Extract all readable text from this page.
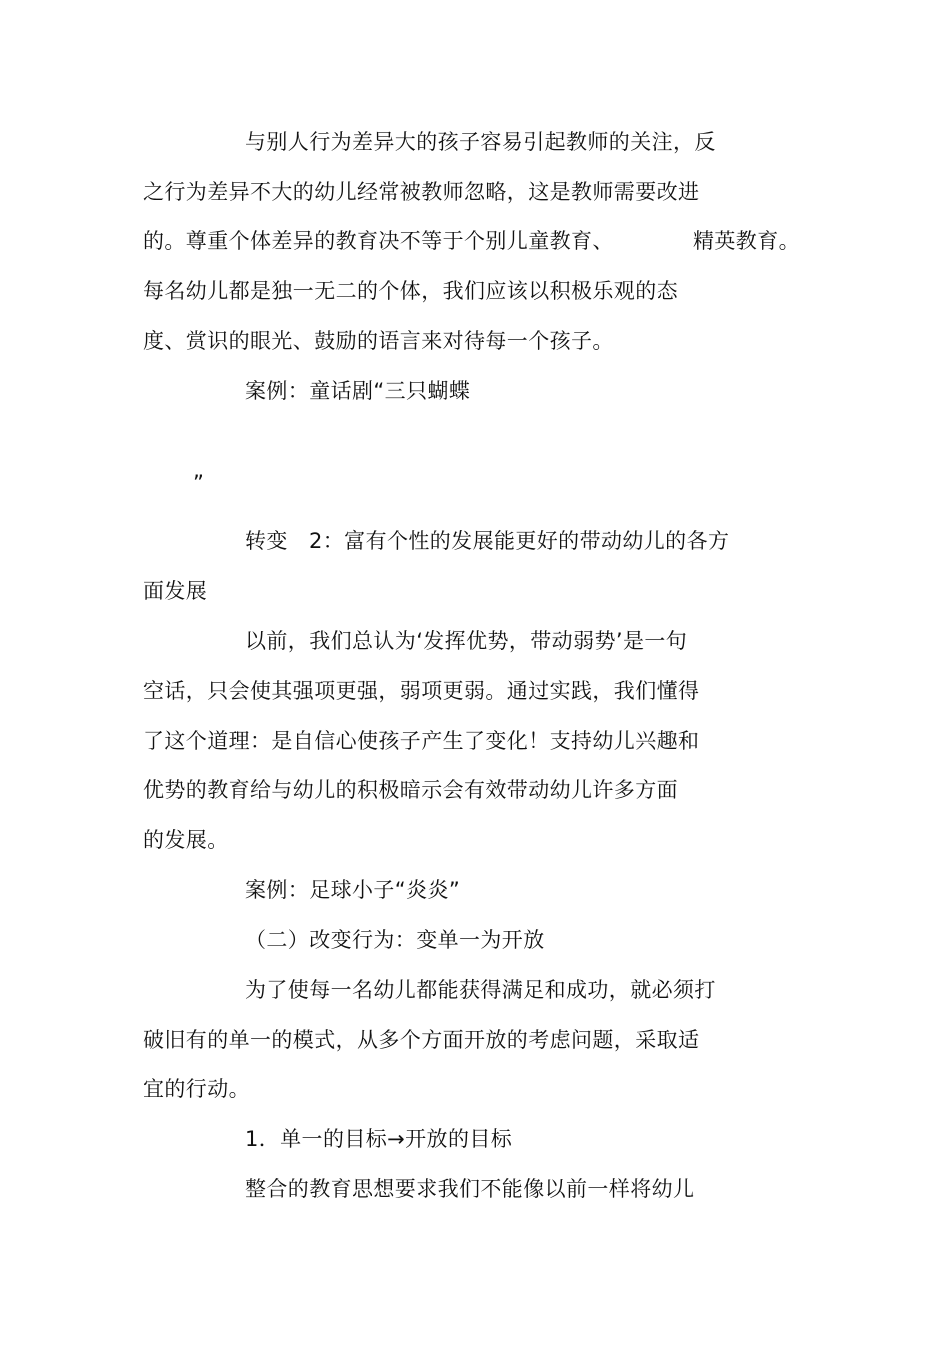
与别人行为差异大的孩子容易引起教师的关注，反
之行为差异不大的幼儿经常被教师忽略，这是教师需要改进
的。尊重个体差异的教育决不等于个别儿童教育、	精英教育。
每名幼儿都是独一无二的个体，我们应该以积极乐观的态
度、赏识的眼光、鼓励的语言来对待每一个孩子。
案例：童话剧“三只蝴蝶
”
转变   2：富有个性的发展能更好的带动幼儿的各方
面发展
以前，我们总认为‘发挥优势，带动弱势’是一句
空话，只会使其强项更强，弱项更弱。通过实践，我们懂得
了这个道理：是自信心使孩子产生了变化！支持幼儿兴趣和
优势的教育给与幼儿的积极暗示会有效带动幼儿许多方面
的发展。
案例：足球小子“炎炎”
（二）改变行为：变单一为开放
为了使每一名幼儿都能获得满足和成功，就必须打
破旧有的单一的模式，从多个方面开放的考虑问题，采取适
宜的行动。
1．单一的目标→开放的目标
整合的教育思想要求我们不能像以前一样将幼儿
